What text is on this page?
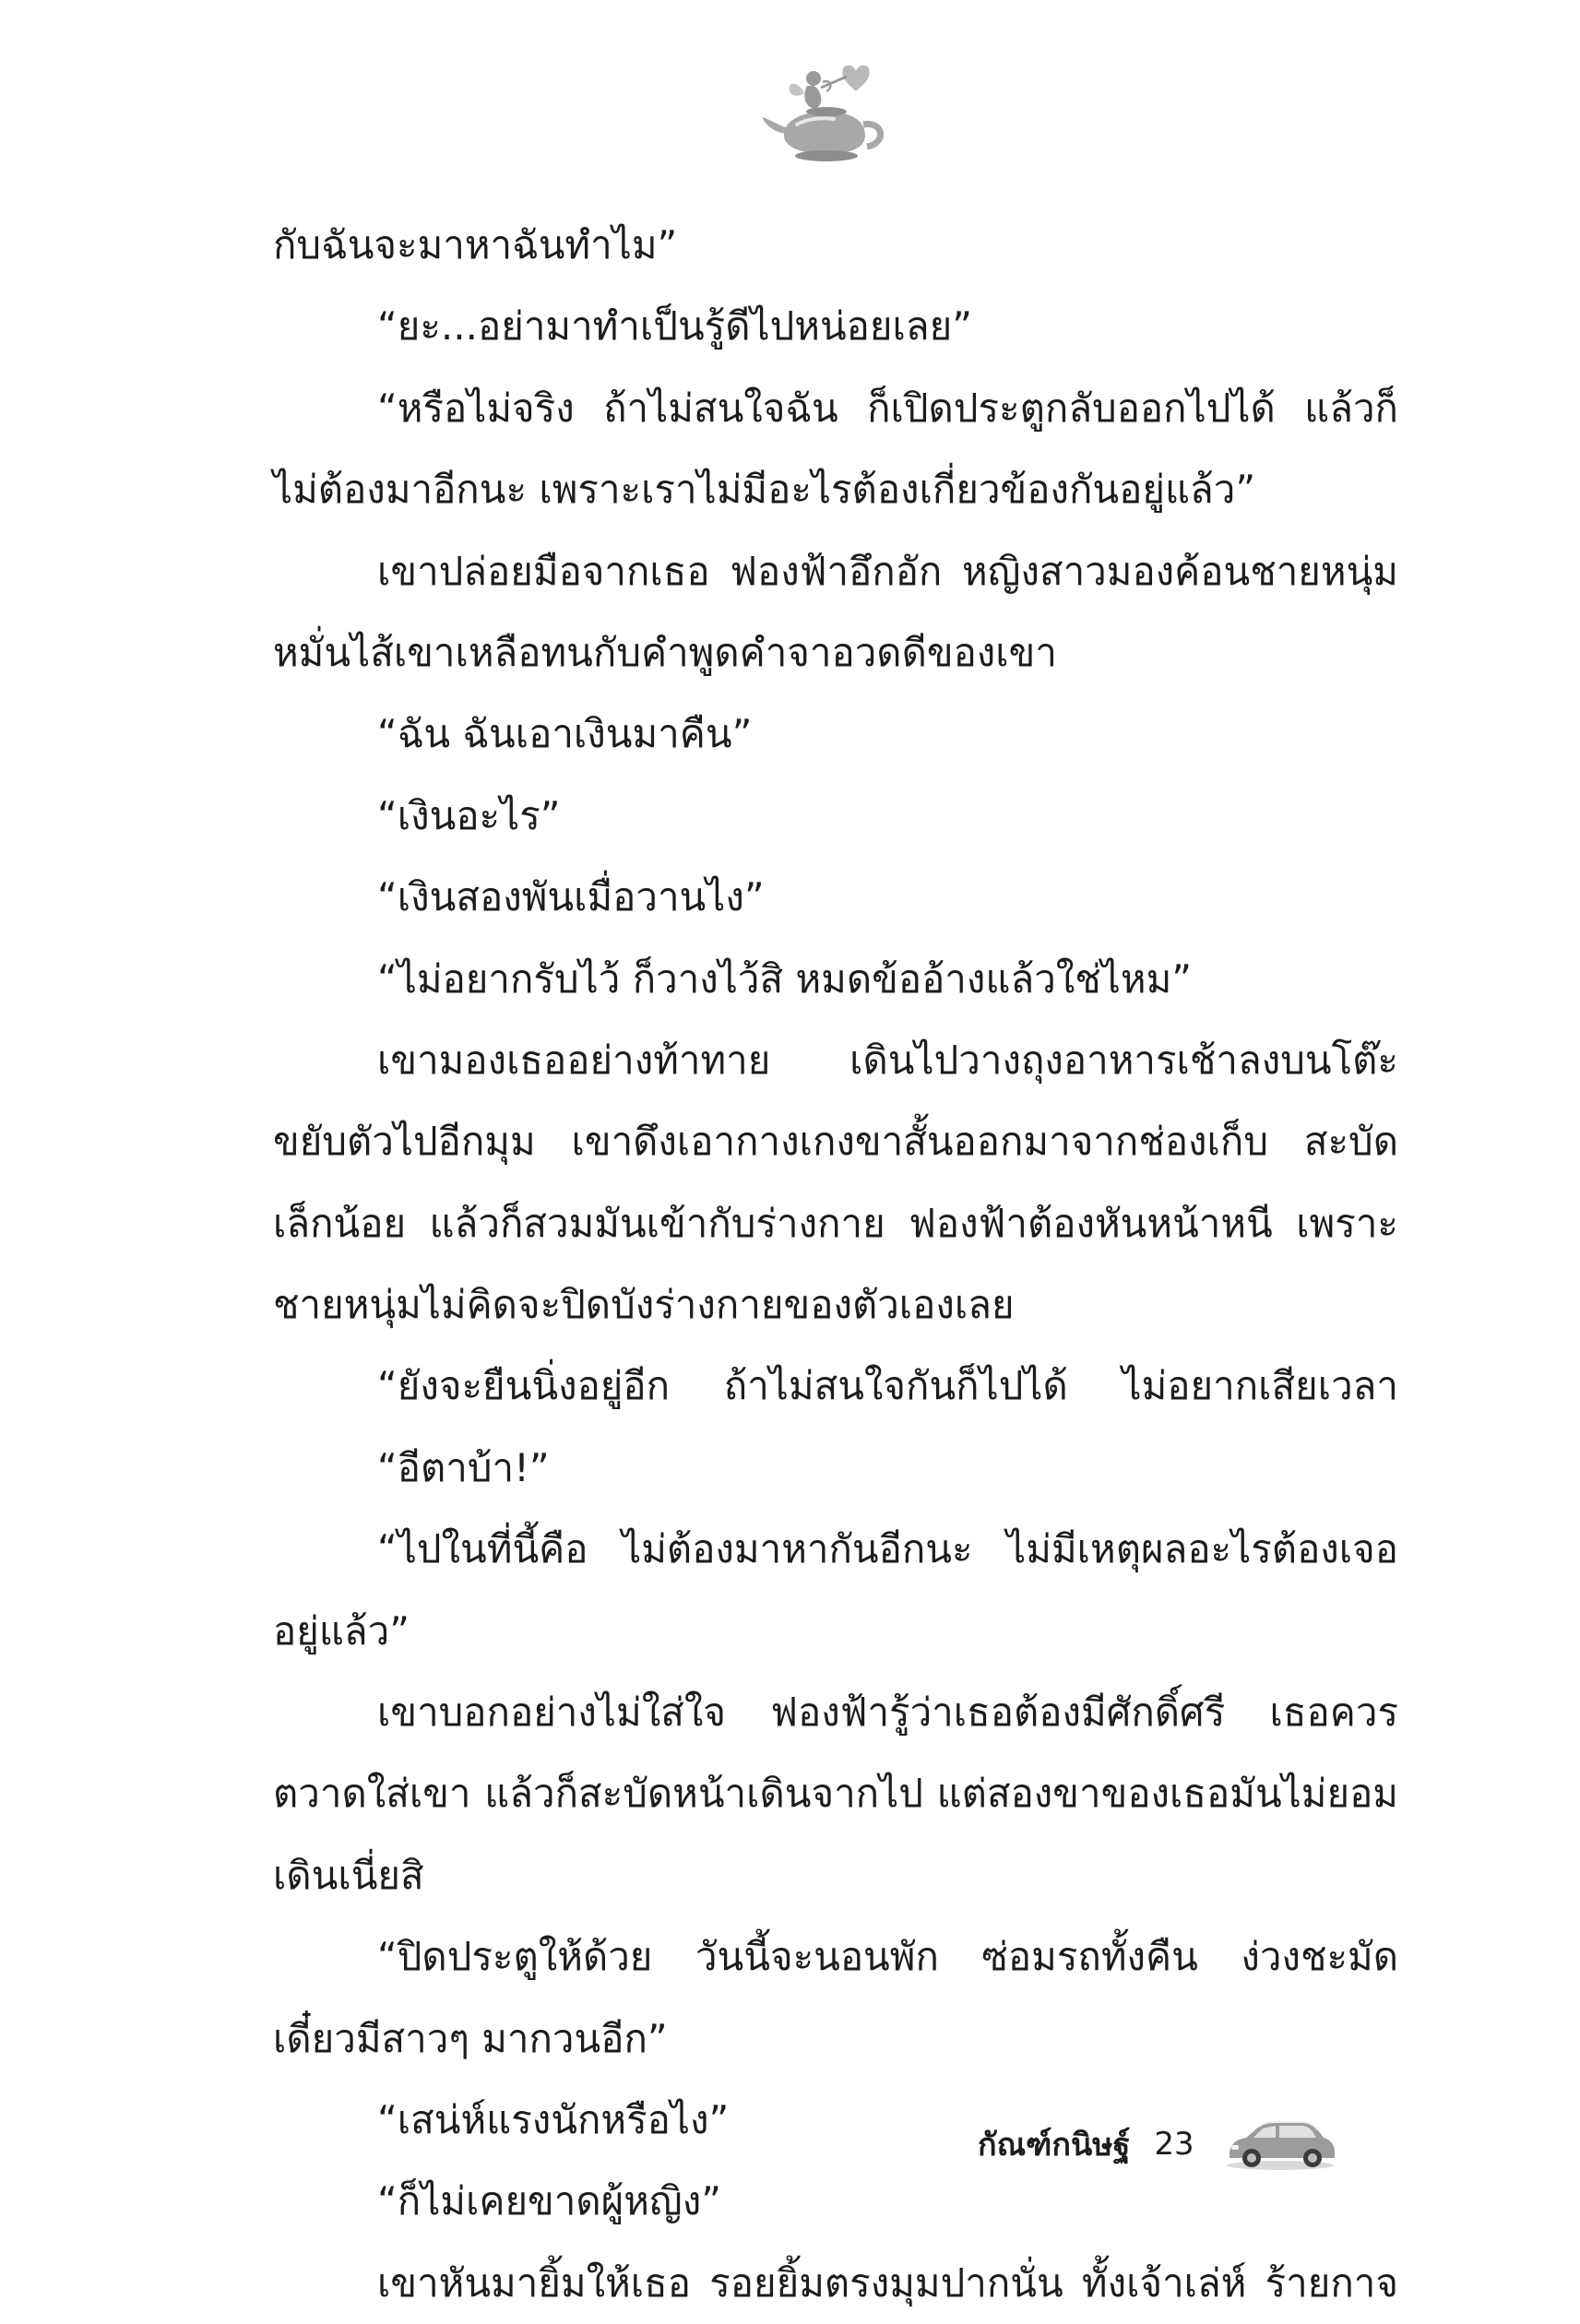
กับฉันจะมาหาฉันทำไม”
“ยะ...อย่ามาทำเป็นรู้ดีไปหน่อยเลย”
“หรือไม่จริง ถ้าไม่สนใจฉัน ก็เปิดประตูกลับออกไปได้ แล้วก็
ไม่ต้องมาอีกนะ เพราะเราไม่มีอะไรต้องเกี่ยวข้องกันอยู่แล้ว”
เขาปล่อยมือจากเธอ ฟองฟ้าอึกอัก หญิงสาวมองค้อนชายหนุ่ม
หมั่นไส้เขาเหลือทนกับคำพูดคำจาอวดดีของเขา
“ฉัน ฉันเอาเงินมาคืน”
“เงินอะไร”
“เงินสองพันเมื่อวานไง”
“ไม่อยากรับไว้ ก็วางไว้สิ หมดข้ออ้างแล้วใช่ไหม”
เขามองเธออย่างท้าทาย เดินไปวางถุงอาหารเช้าลงบนโต๊ะ
ขยับตัวไปอีกมุม เขาดึงเอากางเกงขาสั้นออกมาจากช่องเก็บ สะบัด
เล็กน้อย แล้วก็สวมมันเข้ากับร่างกาย ฟองฟ้าต้องหันหน้าหนี เพราะ
ชายหนุ่มไม่คิดจะปิดบังร่างกายของตัวเองเลย
“ยังจะยืนนิ่งอยู่อีก ถ้าไม่สนใจกันก็ไปได้ ไม่อยากเสียเวลา
“อีตาบ้า!”
“ไปในที่นี้คือ ไม่ต้องมาหากันอีกนะ ไม่มีเหตุผลอะไรต้องเจอ
อยู่แล้ว”
เขาบอกอย่างไม่ใส่ใจ ฟองฟ้ารู้ว่าเธอต้องมีศักดิ์ศรี เธอควร
ตวาดใส่เขา แล้วก็สะบัดหน้าเดินจากไป แต่สองขาของเธอมันไม่ยอม
เดินเนี่ยสิ
“ปิดประตูให้ด้วย วันนี้จะนอนพัก ซ่อมรถทั้งคืน ง่วงชะมัด
เดี๋ยวมีสาวๆ มากวนอีก”
“เสน่ห์แรงนักหรือไง”
“ก็ไม่เคยขาดผู้หญิง”
เขาหันมายิ้มให้เธอ รอยยิ้มตรงมุมปากนั่น ทั้งเจ้าเล่ห์ ร้ายกาจ
กัณฑ์กนิษฐ์ 23
